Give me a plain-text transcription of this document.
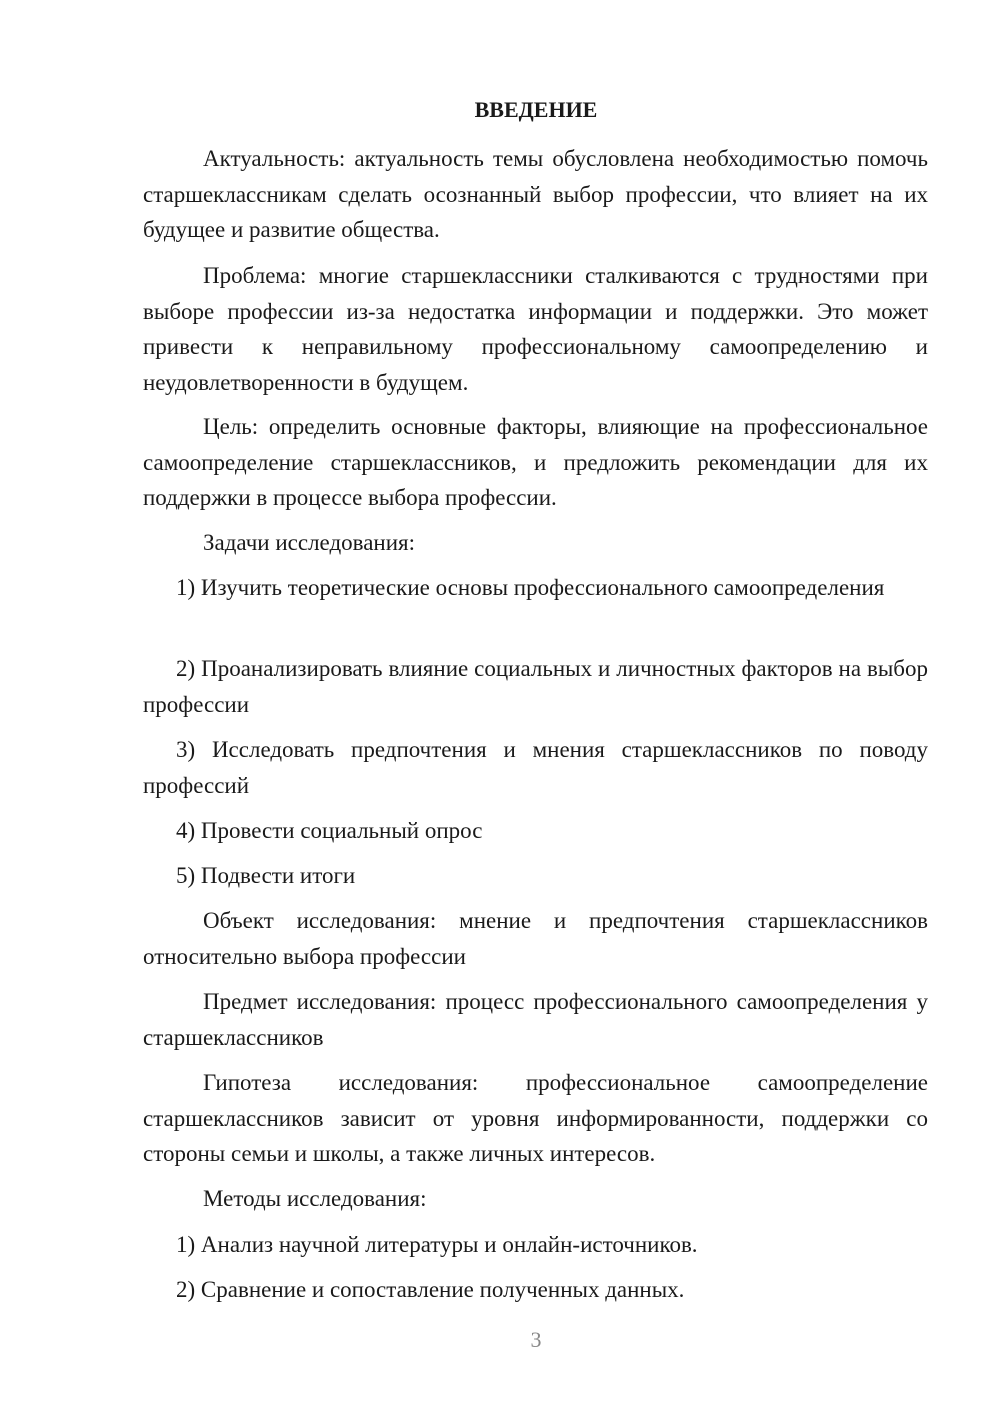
ВВЕДЕНИЕ
Актуальность: актуальность темы обусловлена необходимостью помочь старшеклассникам сделать осознанный выбор профессии, что влияет на их будущее и развитие общества.
Проблема: многие старшеклассники сталкиваются с трудностями при выборе профессии из-за недостатка информации и поддержки. Это может привести к неправильному профессиональному самоопределению и неудовлетворенности в будущем.
Цель: определить основные факторы, влияющие на профессиональное самоопределение старшеклассников, и предложить рекомендации для их поддержки в процессе выбора профессии.
Задачи исследования:
1) Изучить теоретические основы профессионального самоопределения
2) Проанализировать влияние социальных и личностных факторов на выбор профессии
3) Исследовать предпочтения и мнения старшеклассников по поводу профессий
4) Провести социальный опрос
5) Подвести итоги
Объект исследования: мнение и предпочтения старшеклассников относительно выбора профессии
Предмет исследования: процесс профессионального самоопределения у старшеклассников
Гипотеза исследования: профессиональное самоопределение старшеклассников зависит от уровня информированности, поддержки со стороны семьи и школы, а также личных интересов.
Методы исследования:
1) Анализ научной литературы и онлайн-источников.
2) Сравнение и сопоставление полученных данных.
3
